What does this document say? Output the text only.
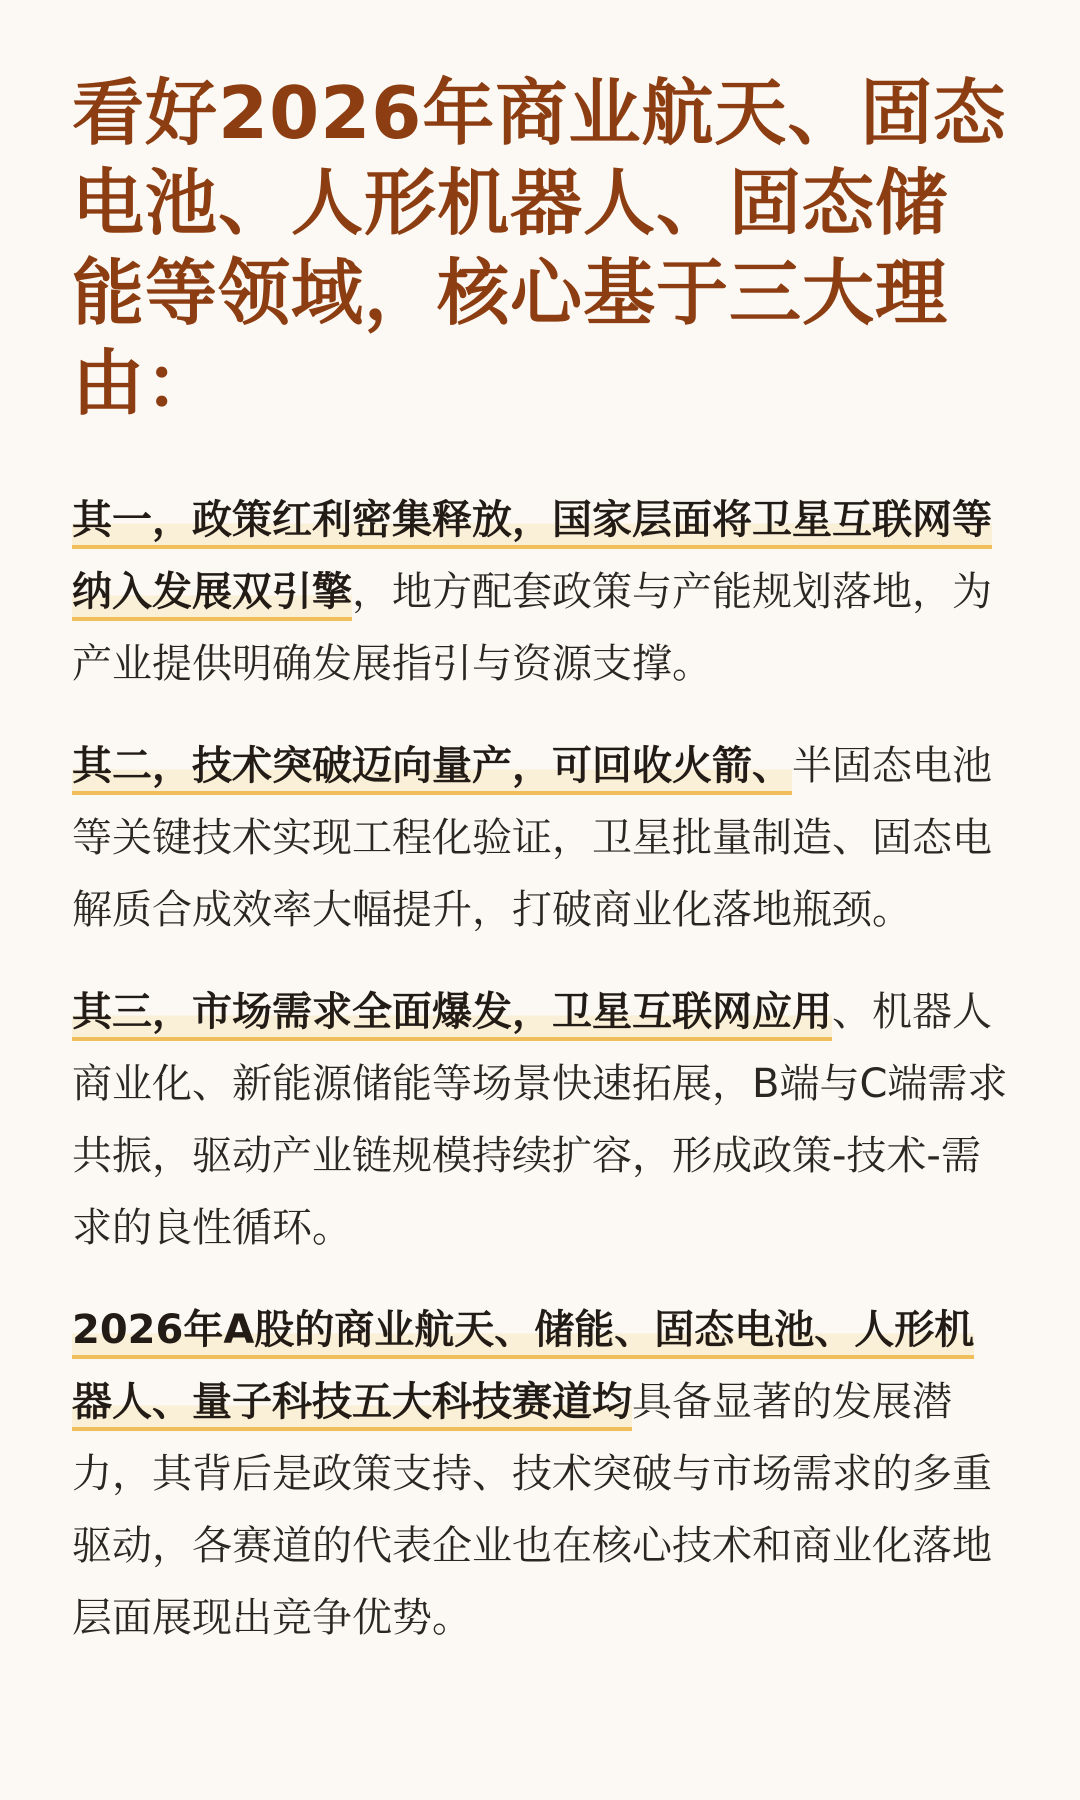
看好2026年商业航天、固态电池、人形机器人、固态储能等领域，核心基于三大理由：

其一，政策红利密集释放，国家层面将卫星互联网等纳入发展双引擎，地方配套政策与产能规划落地，为产业提供明确发展指引与资源支撑。

其二，技术突破迈向量产，可回收火箭、半固态电池等关键技术实现工程化验证，卫星批量制造、固态电解质合成效率大幅提升，打破商业化落地瓶颈。

其三，市场需求全面爆发，卫星互联网应用、机器人商业化、新能源储能等场景快速拓展，B端与C端需求共振，驱动产业链规模持续扩容，形成政策-技术-需求的良性循环。

2026年A股的商业航天、储能、固态电池、人形机器人、量子科技五大科技赛道均具备显著的发展潜力，其背后是政策支持、技术突破与市场需求的多重驱动，各赛道的代表企业也在核心技术和商业化落地层面展现出竞争优势。
